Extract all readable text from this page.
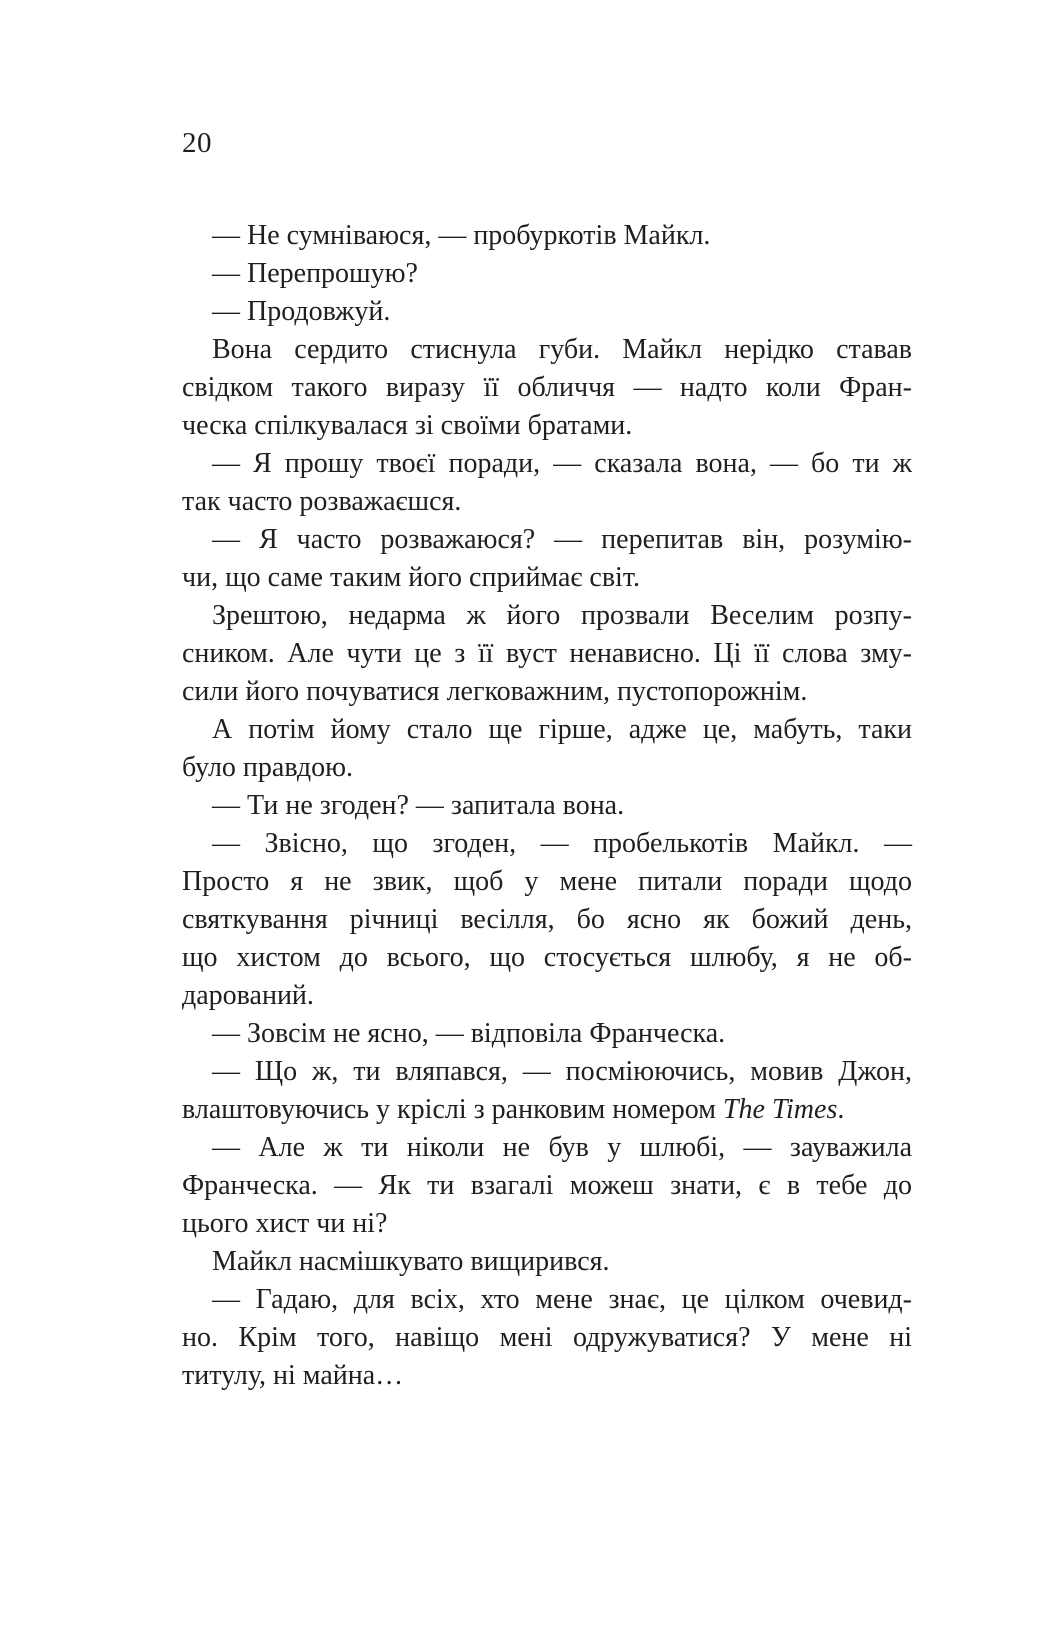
20
— Не сумніваюся, — пробуркотів Майкл.
— Перепрошую?
— Продовжуй.
Вона сердито стиснула губи. Майкл нерідко ставав
свідком такого виразу її обличчя — надто коли Фран-
ческа спілкувалася зі своїми братами.
— Я прошу твоєї поради, — сказала вона, — бо ти ж
так часто розважаєшся.
— Я часто розважаюся? — перепитав він, розумію-
чи, що саме таким його сприймає світ.
Зрештою, недарма ж його прозвали Веселим розпу-
сником. Але чути це з її вуст ненависно. Ці її слова зму-
сили його почуватися легковажним, пустопорожнім.
А потім йому стало ще гірше, адже це, мабуть, таки
було правдою.
— Ти не згоден? — запитала вона.
— Звісно, що згоден, — пробелькотів Майкл. —
Просто я не звик, щоб у мене питали поради щодо
святкування річниці весілля, бо ясно як божий день,
що хистом до всього, що стосується шлюбу, я не об-
дарований.
— Зовсім не ясно, — відповіла Франческа.
— Що ж, ти вляпався, — посміюючись, мовив Джон,
влаштовуючись у кріслі з ранковим номером The Times.
— Але ж ти ніколи не був у шлюбі, — зауважила
Франческа. — Як ти взагалі можеш знати, є в тебе до
цього хист чи ні?
Майкл насмішкувато вищирився.
— Гадаю, для всіх, хто мене знає, це цілком очевид-
но. Крім того, навіщо мені одружуватися? У мене ні
титулу, ні майна…
